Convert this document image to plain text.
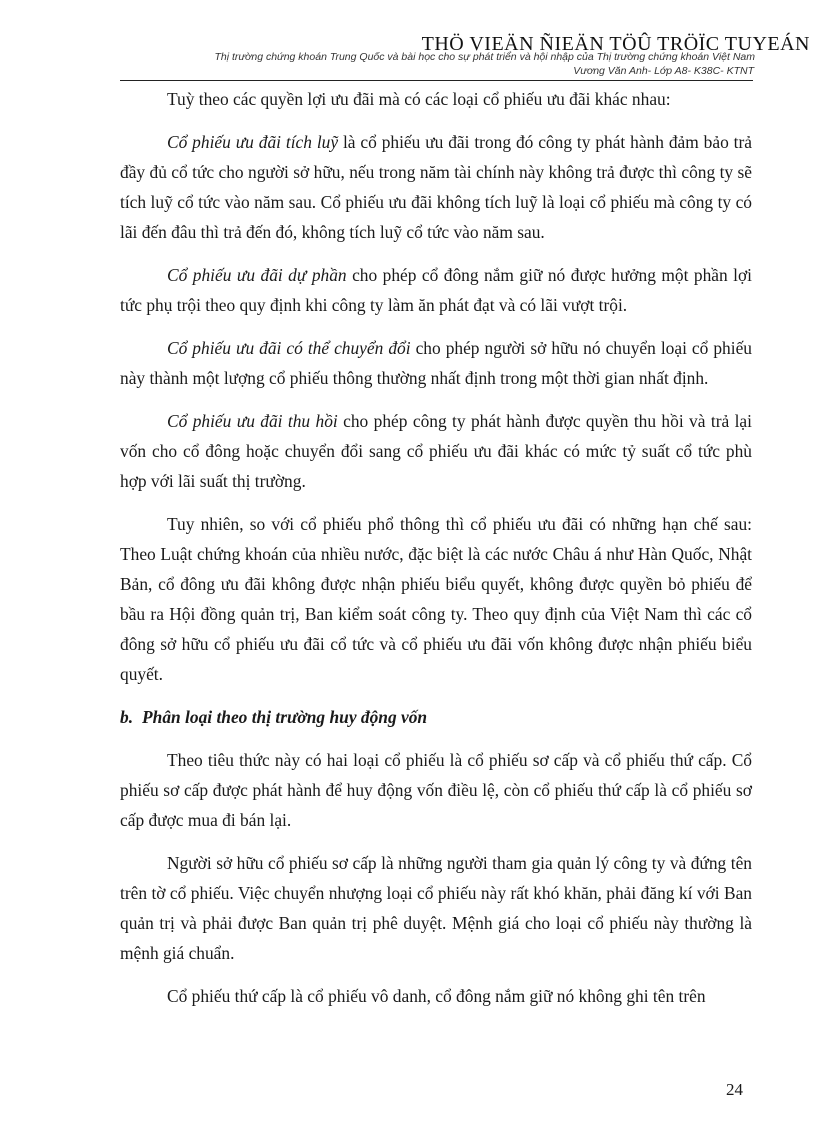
THÖ VIEÄN ÑIEÄN TÖÛ TRÖÏC TUYEÁN
Thị trường chứng khoán Trung Quốc và bài học cho sự phát triển và hội nhập của Thị trường chứng khoán Việt Nam
Vương Văn Anh- Lớp A8- K38C- KTNT

Tuỳ theo các quyền lợi ưu đãi mà có các loại cổ phiếu ưu đãi khác nhau:

Cổ phiếu ưu đãi tích luỹ là cổ phiếu ưu đãi trong đó công ty phát hành đảm bảo trả đầy đủ cổ tức cho người sở hữu, nếu trong năm tài chính này không trả được thì công ty sẽ tích luỹ cổ tức vào năm sau. Cổ phiếu ưu đãi không tích luỹ là loại cổ phiếu mà công ty có lãi đến đâu thì trả đến đó, không tích luỹ cổ tức vào năm sau.

Cổ phiếu ưu đãi dự phần cho phép cổ đông nắm giữ nó được hưởng một phần lợi tức phụ trội theo quy định khi công ty làm ăn phát đạt và có lãi vượt trội.

Cổ phiếu ưu đãi có thể chuyển đổi cho phép người sở hữu nó chuyển loại cổ phiếu này thành một lượng cổ phiếu thông thường nhất định trong một thời gian nhất định.

Cổ phiếu ưu đãi thu hồi cho phép công ty phát hành được quyền thu hồi và trả lại vốn cho cổ đông hoặc chuyển đổi sang cổ phiếu ưu đãi khác có mức tỷ suất cổ tức phù hợp với lãi suất thị trường.

Tuy nhiên, so với cổ phiếu phổ thông thì cổ phiếu ưu đãi có những hạn chế sau: Theo Luật chứng khoán của nhiều nước, đặc biệt là các nước Châu á như Hàn Quốc, Nhật Bản, cổ đông ưu đãi không được nhận phiếu biểu quyết, không được quyền bỏ phiếu để bầu ra Hội đồng quản trị, Ban kiểm soát công ty. Theo quy định của Việt Nam thì các cổ đông sở hữu cổ phiếu ưu đãi cổ tức và cổ phiếu ưu đãi vốn không được nhận phiếu biểu quyết.

b. Phân loại theo thị trường huy động vốn

Theo tiêu thức này có hai loại cổ phiếu là cổ phiếu sơ cấp và cổ phiếu thứ cấp. Cổ phiếu sơ cấp được phát hành để huy động vốn điều lệ, còn cổ phiếu thứ cấp là cổ phiếu sơ cấp được mua đi bán lại.

Người sở hữu cổ phiếu sơ cấp là những người tham gia quản lý công ty và đứng tên trên tờ cổ phiếu. Việc chuyển nhượng loại cổ phiếu này rất khó khăn, phải đăng kí với Ban quản trị và phải được Ban quản trị phê duyệt. Mệnh giá cho loại cổ phiếu này thường là mệnh giá chuẩn.

Cổ phiếu thứ cấp là cổ phiếu vô danh, cổ đông nắm giữ nó không ghi tên trên

24
